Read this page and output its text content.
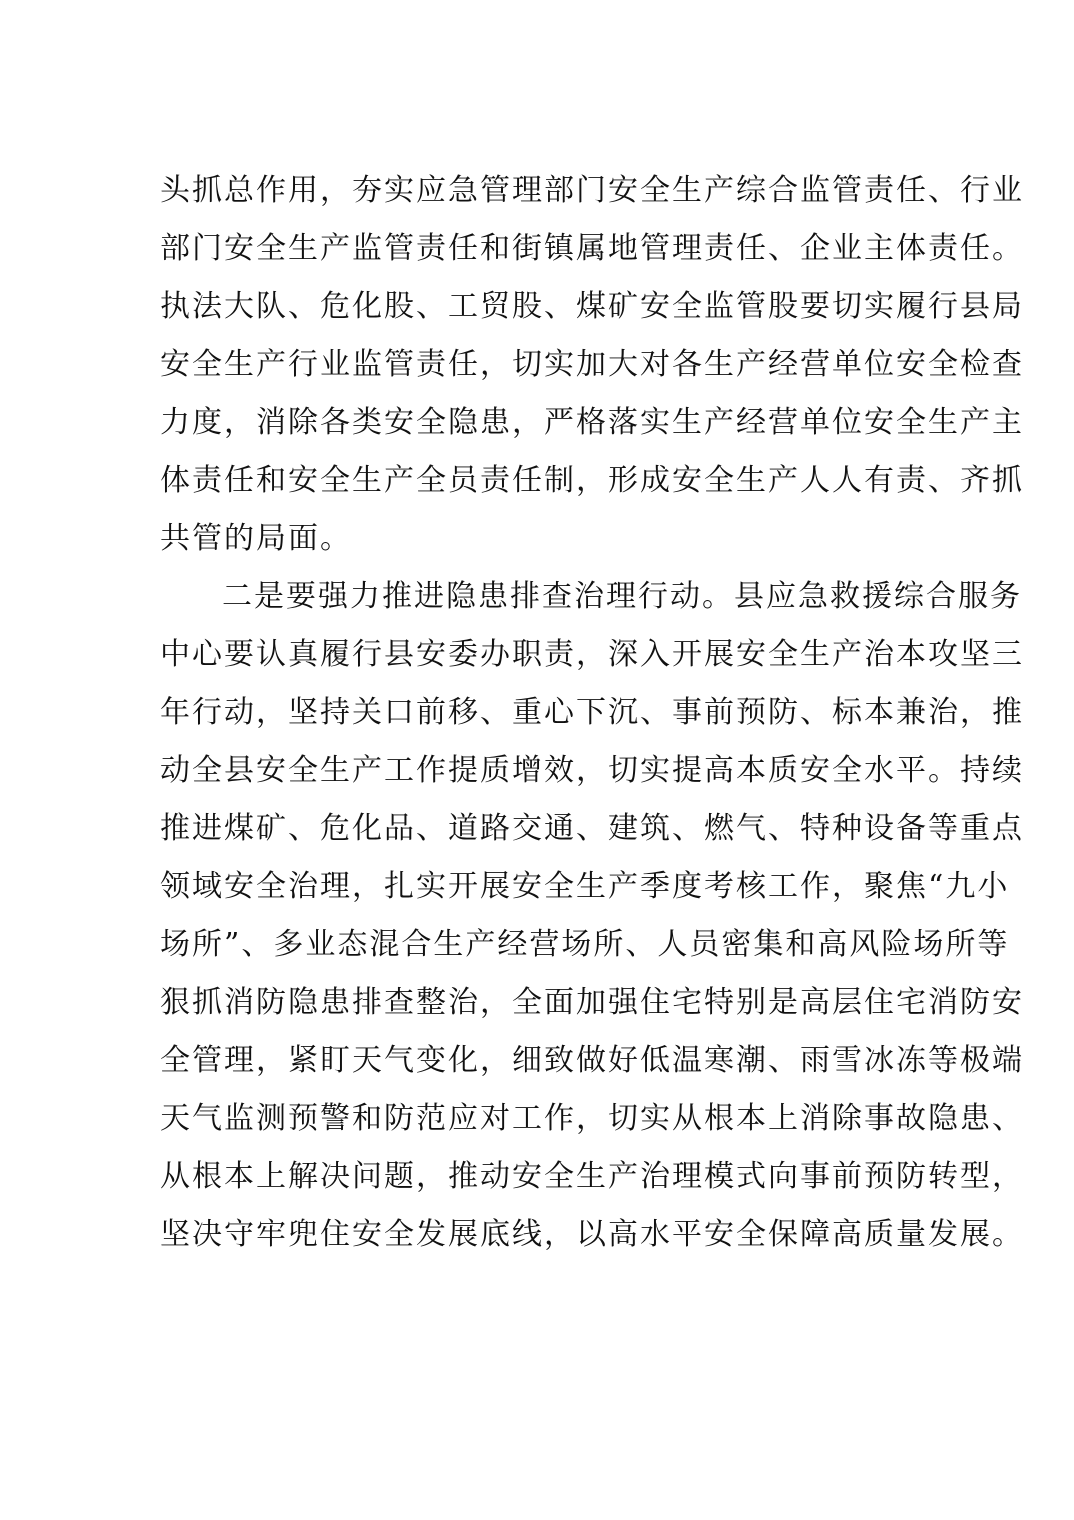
头抓总作用，夯实应急管理部门安全生产综合监管责任、行业
部门安全生产监管责任和街镇属地管理责任、企业主体责任。
执法大队、危化股、工贸股、煤矿安全监管股要切实履行县局
安全生产行业监管责任，切实加大对各生产经营单位安全检查
力度，消除各类安全隐患，严格落实生产经营单位安全生产主
体责任和安全生产全员责任制，形成安全生产人人有责、齐抓
共管的局面。
二是要强力推进隐患排查治理行动。县应急救援综合服务
中心要认真履行县安委办职责，深入开展安全生产治本攻坚三
年行动，坚持关口前移、重心下沉、事前预防、标本兼治，推
动全县安全生产工作提质增效，切实提高本质安全水平。持续
推进煤矿、危化品、道路交通、建筑、燃气、特种设备等重点
领域安全治理，扎实开展安全生产季度考核工作，聚焦“九小
场所”、多业态混合生产经营场所、人员密集和高风险场所等
狠抓消防隐患排查整治，全面加强住宅特别是高层住宅消防安
全管理，紧盯天气变化，细致做好低温寒潮、雨雪冰冻等极端
天气监测预警和防范应对工作，切实从根本上消除事故隐患、
从根本上解决问题，推动安全生产治理模式向事前预防转型，
坚决守牢兜住安全发展底线，以高水平安全保障高质量发展。
